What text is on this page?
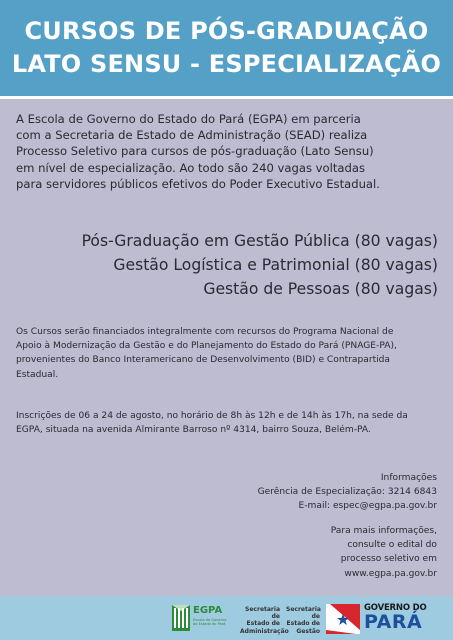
CURSOS DE PÓS-GRADUAÇÃO
LATO SENSU - ESPECIALIZAÇÃO
A Escola de Governo do Estado do Pará (EGPA) em parceria
com a Secretaria de Estado de Administração (SEAD) realiza
Processo Seletivo para cursos de pós-graduação (Lato Sensu)
em nível de especialização. Ao todo são 240 vagas voltadas
para servidores públicos efetivos do Poder Executivo Estadual.
Pós-Graduação em Gestão Pública (80 vagas)
Gestão Logística e Patrimonial (80 vagas)
Gestão de Pessoas (80 vagas)
Os Cursos serão financiados integralmente com recursos do Programa Nacional de
Apoio à Modernização da Gestão e do Planejamento do Estado do Pará (PNAGE-PA),
provenientes do Banco Interamericano de Desenvolvimento (BID) e Contrapartida
Estadual.
Inscrições de 06 a 24 de agosto, no horário de 8h às 12h e de 14h às 17h, na sede da
EGPA, situada na avenida Almirante Barroso nº 4314, bairro Souza, Belém-PA.
Informações
Gerência de Especialização: 3214 6843
E-mail: espec@egpa.pa.gov.br
Para mais informações,
consulte o edital do
processo seletivo em
www.egpa.pa.gov.br
EGPA
Escola de Governo do Estado do Pará
Secretaria de
Estado de
Administração
Secretaria de
Estado de
Gestão
GOVERNO DO
PARÁ
